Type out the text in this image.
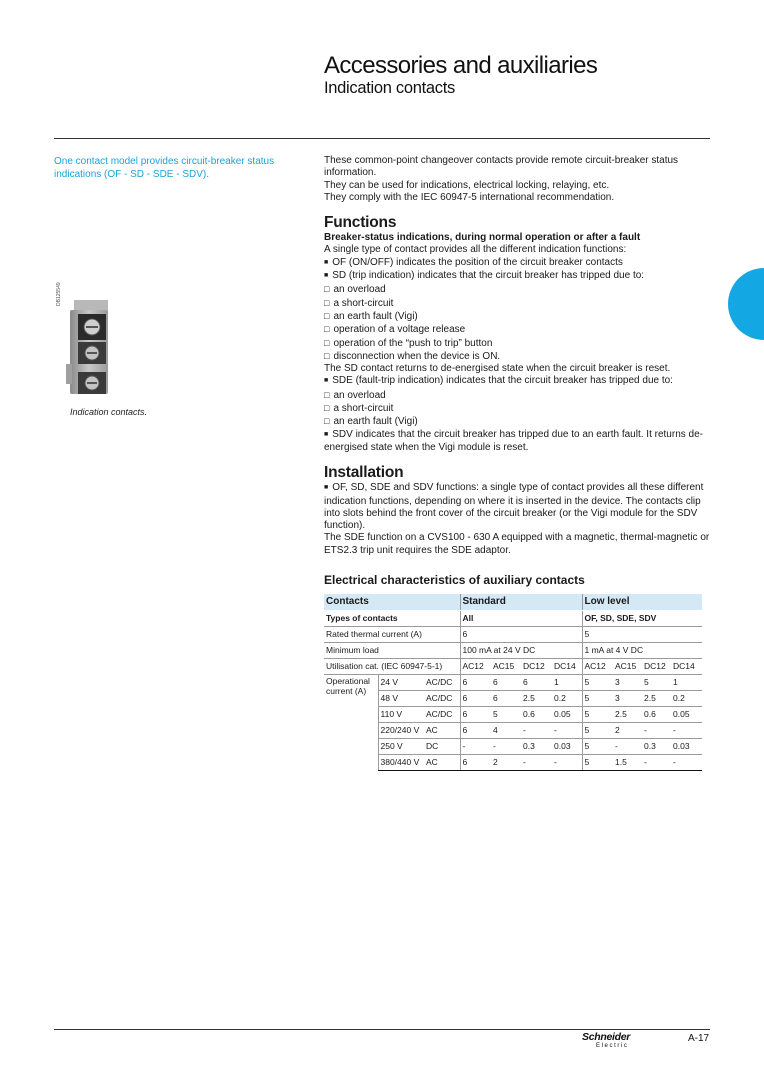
Accessories and auxiliaries
Indication contacts
One contact model provides circuit-breaker status indications (OF - SD - SDE - SDV).
DB125549
Indication contacts.

These common-point changeover contacts provide remote circuit-breaker status information.

They can be used for indications, electrical locking, relaying, etc.

They comply with the IEC 60947-5 international recommendation.

Functions

Breaker-status indications, during normal operation or after a fault

A single type of contact provides all the different indication functions:

■ OF (ON/OFF) indicates the position of the circuit breaker contacts

■ SD (trip indication) indicates that the circuit breaker has tripped due to:

□ an overload

□ a short-circuit

□ an earth fault (Vigi)

□ operation of a voltage release

□ operation of the “push to trip” button

□ disconnection when the device is ON.

The SD contact returns to de-energised state when the circuit breaker is reset.

■ SDE (fault-trip indication) indicates that the circuit breaker has tripped due to:

□ an overload

□ a short-circuit

□ an earth fault (Vigi)

■ SDV indicates that the circuit breaker has tripped due to an earth fault. It returns de-energised state when the Vigi module is reset.

Installation

■ OF, SD, SDE and SDV functions: a single type of contact provides all these different indication functions, depending on where it is inserted in the device. The contacts clip into slots behind the front cover of the circuit breaker (or the Vigi module for the SDV function).

The SDE function on a CVS100 - 630 A equipped with a magnetic, thermal-magnetic or ETS2.3 trip unit requires the SDE adaptor.

Electrical characteristics of auxiliary contacts

Contacts			Standard				Low level			
Types of contacts			All				OF, SD, SDE, SDV			
Rated thermal current (A)			6				5			
Minimum load			100 mA at 24 V DC				1 mA at 4 V DC			
Utilisation cat. (IEC 60947-5-1)			AC12	AC15	DC12	DC14	AC12	AC15	DC12	DC14
Operational current (A)	24 V	AC/DC	6	6	6	1	5	3	5	1
	48 V	AC/DC	6	6	2.5	0.2	5	3	2.5	0.2
	110 V	AC/DC	6	5	0.6	0.05	5	2.5	0.6	0.05
	220/240 V	AC	6	4	-	-	5	2	-	-
	250 V	DC	-	-	0.3	0.03	5	-	0.3	0.03
	380/440 V	AC	6	2	-	-	5	1.5	-	-
Schneider
Electric
A-17
